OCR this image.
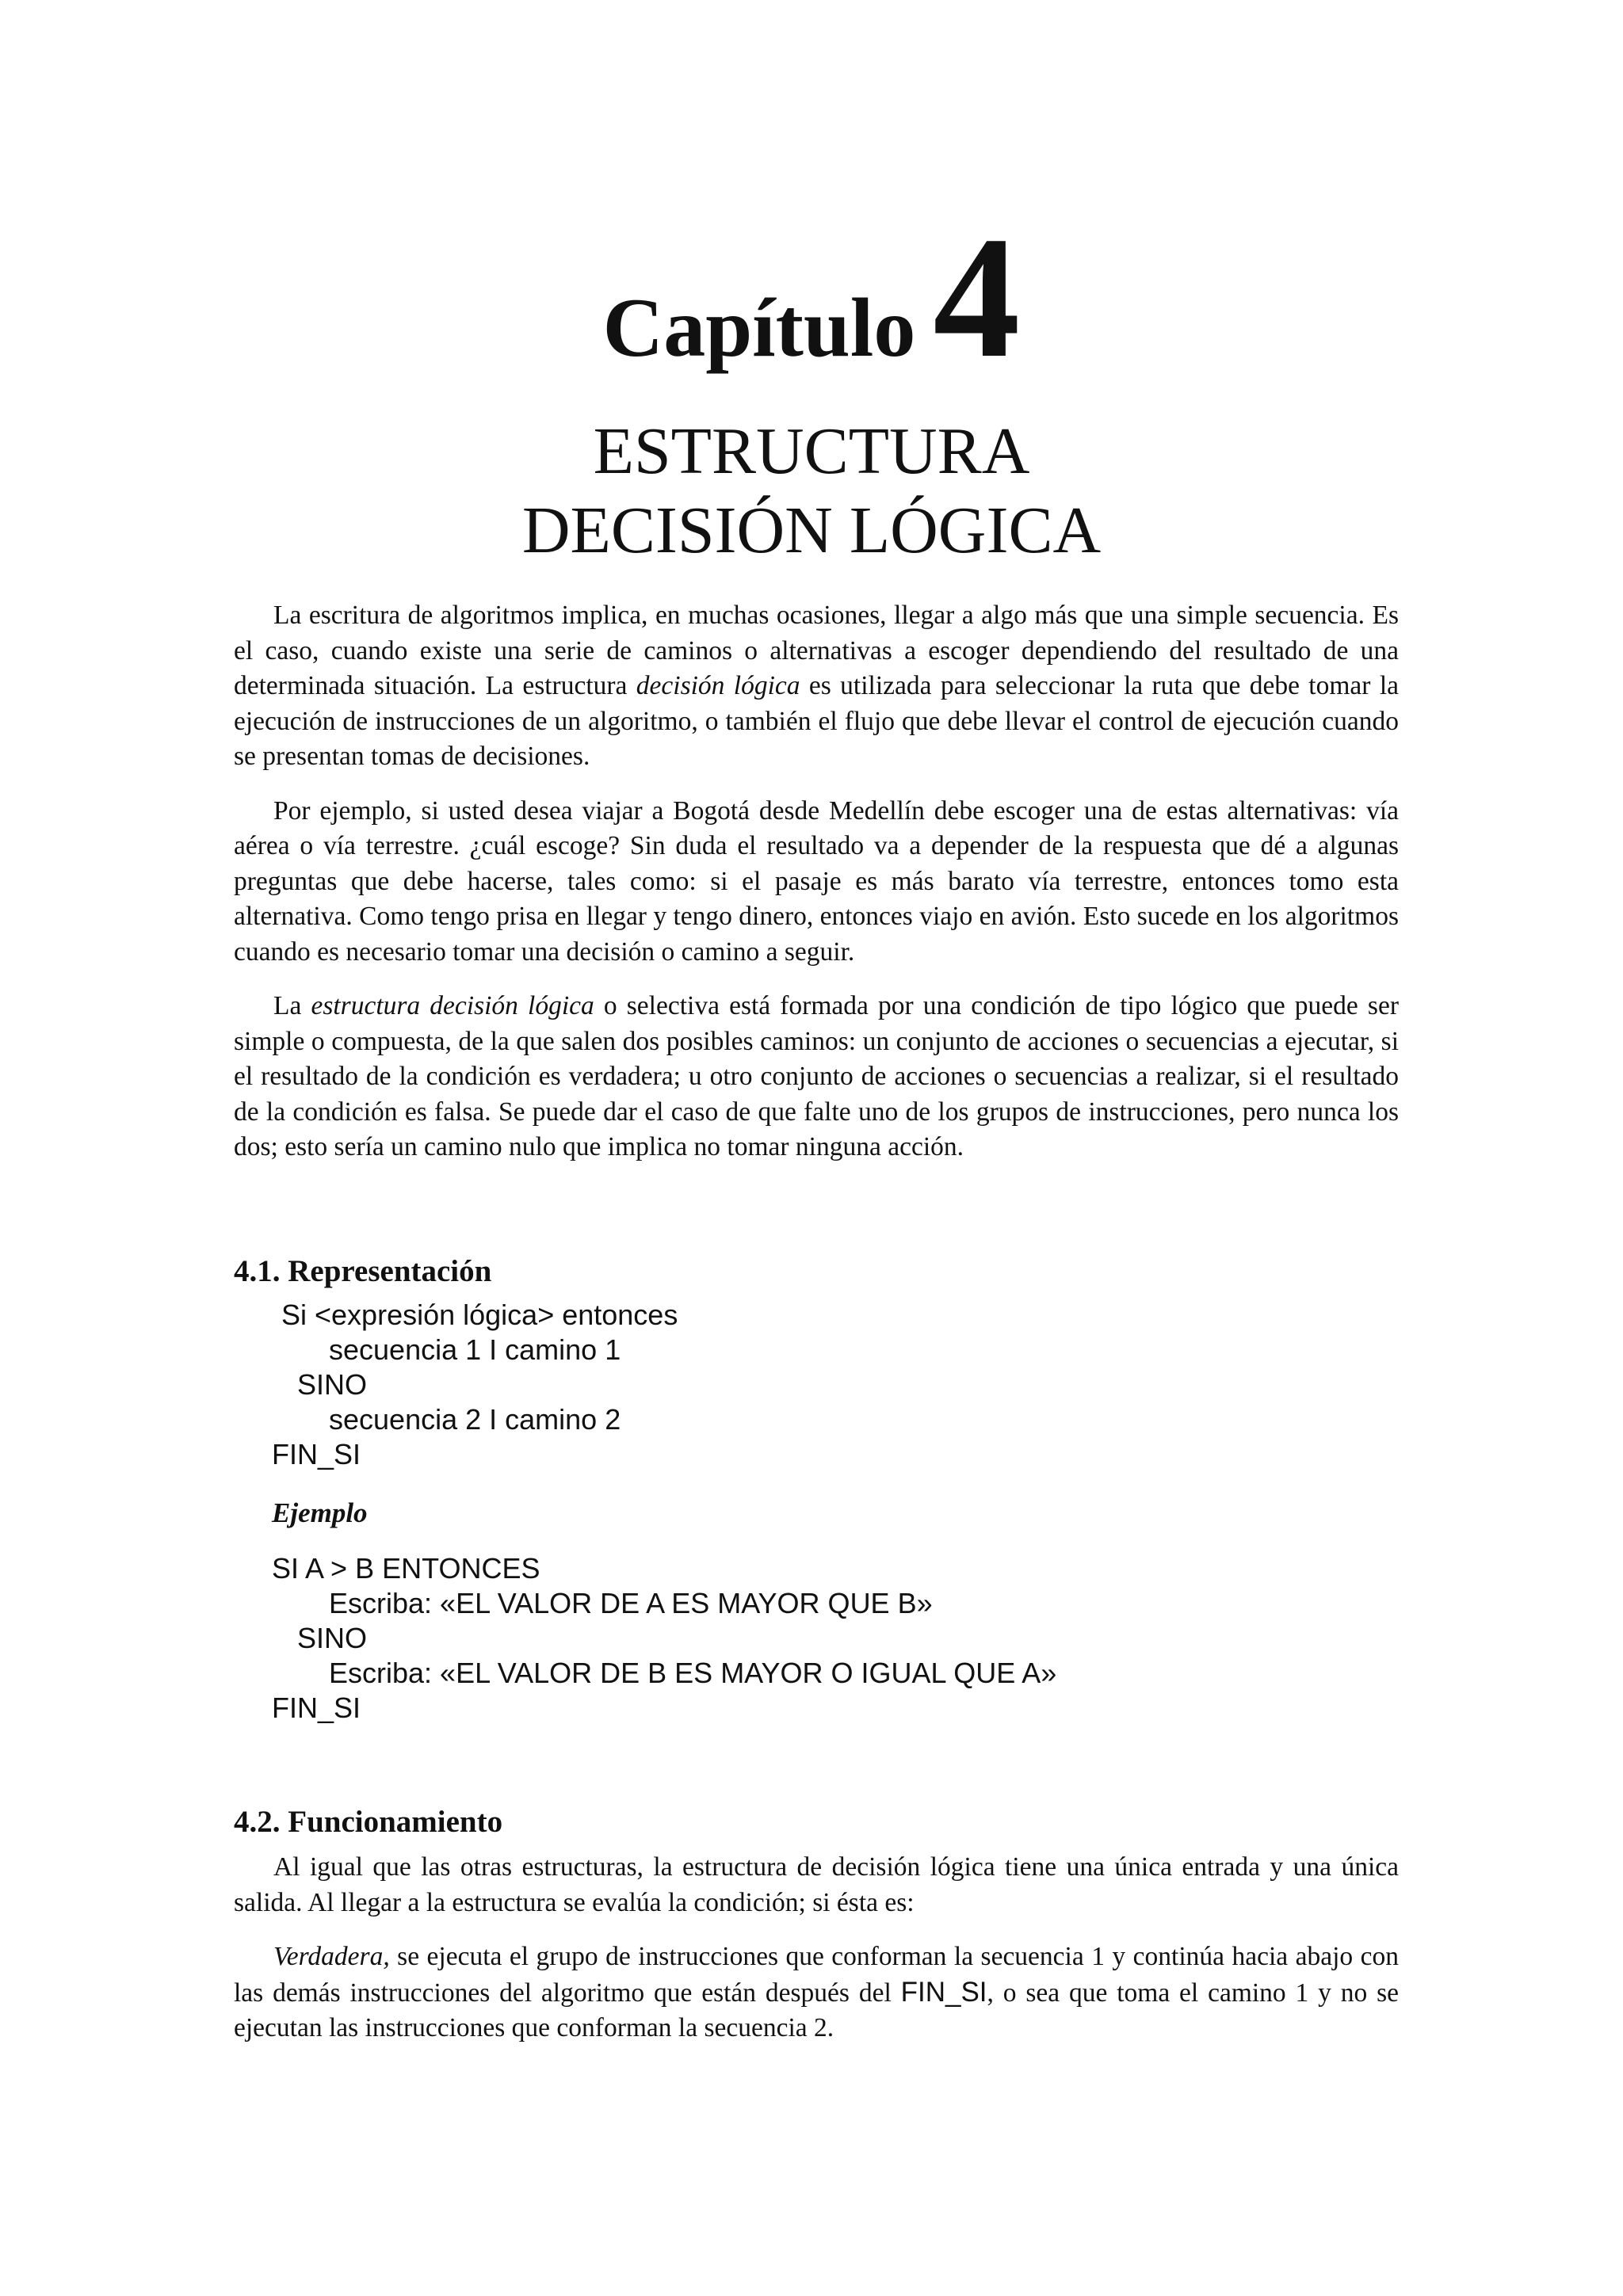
Capítulo 4
ESTRUCTURA
DECISIÓN LÓGICA

La escritura de algoritmos implica, en muchas ocasiones, llegar a algo más que una simple secuencia. Es el caso, cuando existe una serie de caminos o alternativas a escoger dependiendo del resultado de una determinada situación. La estructura decisión lógica es utilizada para seleccionar la ruta que debe tomar la ejecución de instrucciones de un algoritmo, o también el flujo que debe llevar el control de ejecución cuando se presentan tomas de decisiones.

Por ejemplo, si usted desea viajar a Bogotá desde Medellín debe escoger una de estas alternativas: vía aérea o vía terrestre. ¿cuál escoge? Sin duda el resultado va a depender de la respuesta que dé a algunas preguntas que debe hacerse, tales como: si el pasaje es más barato vía terrestre, entonces tomo esta alternativa. Como tengo prisa en llegar y tengo dinero, entonces viajo en avión. Esto sucede en los algoritmos cuando es necesario tomar una decisión o camino a seguir.

La estructura decisión lógica o selectiva está formada por una condición de tipo lógico que puede ser simple o compuesta, de la que salen dos posibles caminos: un conjunto de acciones o secuencias a ejecutar, si el resultado de la condición es verdadera; u otro conjunto de acciones o secuencias a realizar, si el resultado de la condición es falsa. Se puede dar el caso de que falte uno de los grupos de instrucciones, pero nunca los dos; esto sería un camino nulo que implica no tomar ninguna acción.

4.1. Representación
Si <expresión lógica> entonces
secuencia 1 I camino 1
SINO
secuencia 2 I camino 2
FIN_SI

Ejemplo

SI A > B ENTONCES
Escriba: «EL VALOR DE A ES MAYOR QUE B»
SINO
Escriba: «EL VALOR DE B ES MAYOR O IGUAL QUE A»
FIN_SI
4.2. Funcionamiento

Al igual que las otras estructuras, la estructura de decisión lógica tiene una única entrada y una única salida. Al llegar a la estructura se evalúa la condición; si ésta es:

Verdadera, se ejecuta el grupo de instrucciones que conforman la secuencia 1 y continúa hacia abajo con las demás instrucciones del algoritmo que están después del FIN_SI, o sea que toma el camino 1 y no se ejecutan las instrucciones que conforman la secuencia 2.
